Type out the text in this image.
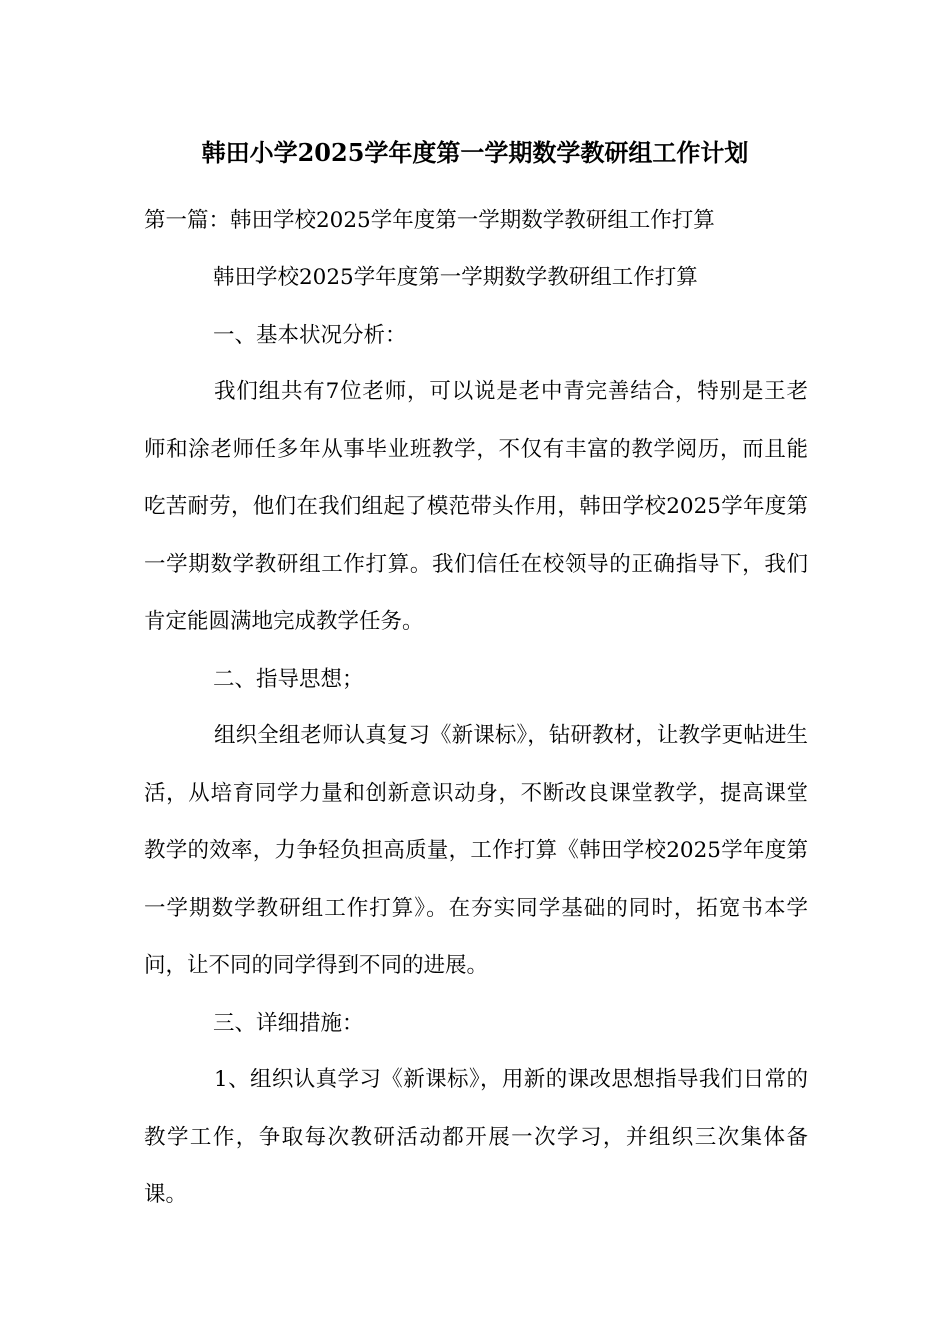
韩田小学2025学年度第一学期数学教研组工作计划

第一篇：韩田学校2025学年度第一学期数学教研组工作打算

韩田学校2025学年度第一学期数学教研组工作打算

一、基本状况分析：

我们组共有7位老师，可以说是老中青完善结合，特别是王老师和涂老师任多年从事毕业班教学，不仅有丰富的教学阅历，而且能吃苦耐劳，他们在我们组起了模范带头作用，韩田学校2025学年度第一学期数学教研组工作打算。我们信任在校领导的正确指导下，我们肯定能圆满地完成教学任务。

二、指导思想；

组织全组老师认真复习《新课标》，钻研教材，让教学更帖进生活，从培育同学力量和创新意识动身，不断改良课堂教学，提高课堂教学的效率，力争轻负担高质量，工作打算《韩田学校2025学年度第一学期数学教研组工作打算》。在夯实同学基础的同时，拓宽书本学问，让不同的同学得到不同的进展。

三、详细措施：

1、组织认真学习《新课标》，用新的课改思想指导我们日常的教学工作，争取每次教研活动都开展一次学习，并组织三次集体备课。
